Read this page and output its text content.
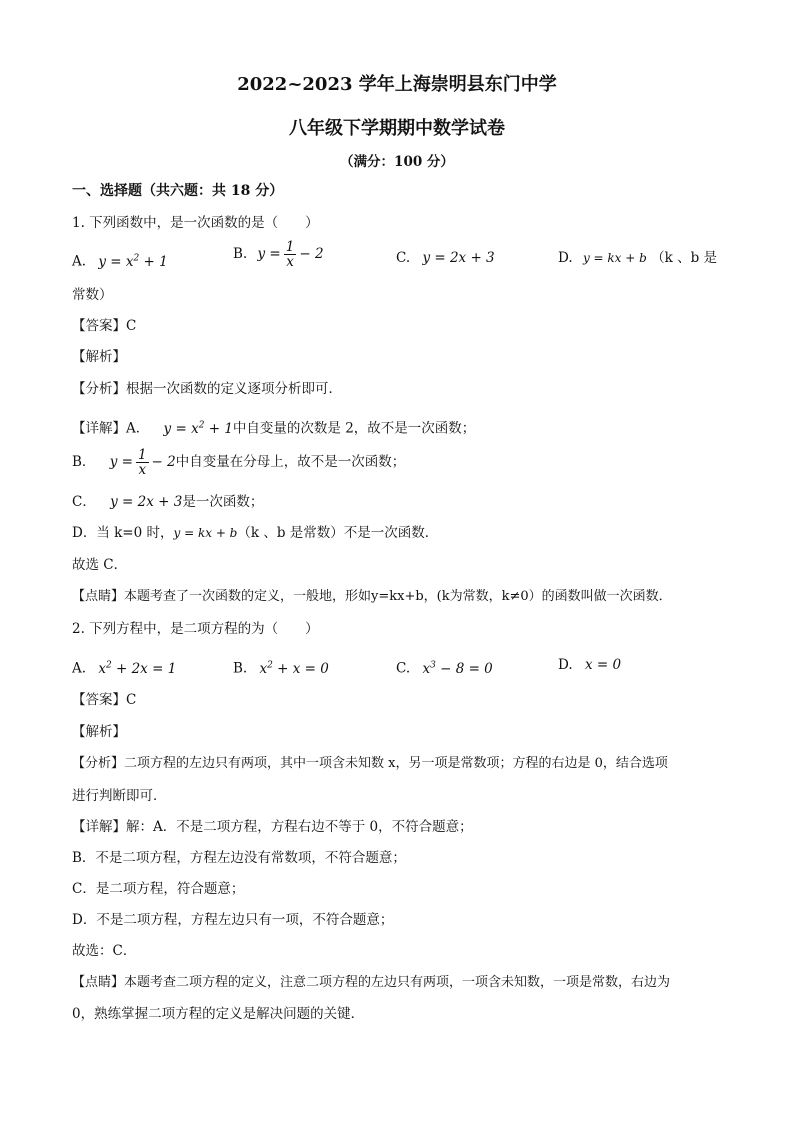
2022~2023 学年上海崇明县东门中学
八年级下学期期中数学试卷
（满分：100 分）
一、选择题（共六题：共 18 分）
1. 下列函数中，是一次函数的是（　　）
A. $y = x^2 + 1$	B. $y = \frac{1}{x} - 2$	C. y = 2x + 3	D. y = kx + b （k 、b 是
常数）
【答案】C
【解析】
【分析】根据一次函数的定义逐项分析即可．
【详解】A． $y = x^2 + 1$中自变量的次数是 2，故不是一次函数；
B． $y = \frac{1}{x} - 2$中自变量在分母上，故不是一次函数；
C． y = 2x + 3是一次函数；
D．当 k=0 时，y = kx + b（k 、b 是常数）不是一次函数．
故选 C．
【点睛】本题考查了一次函数的定义，一般地，形如y=kx+b，(k为常数，k≠0）的函数叫做一次函数．
2. 下列方程中，是二项方程的为（　　）
A. $x^2 + 2x = 1$	B. $x^2 + x = 0$	C. $x^3 - 8 = 0$	D. x = 0
【答案】C
【解析】
【分析】二项方程的左边只有两项，其中一项含未知数 x，另一项是常数项；方程的右边是 0，结合选项
进行判断即可．
【详解】解：A．不是二项方程，方程右边不等于 0，不符合题意；
B．不是二项方程，方程左边没有常数项，不符合题意；
C．是二项方程，符合题意；
D．不是二项方程，方程左边只有一项，不符合题意；
故选：C．
【点睛】本题考查二项方程的定义，注意二项方程的左边只有两项，一项含未知数，一项是常数，右边为
0，熟练掌握二项方程的定义是解决问题的关键．
